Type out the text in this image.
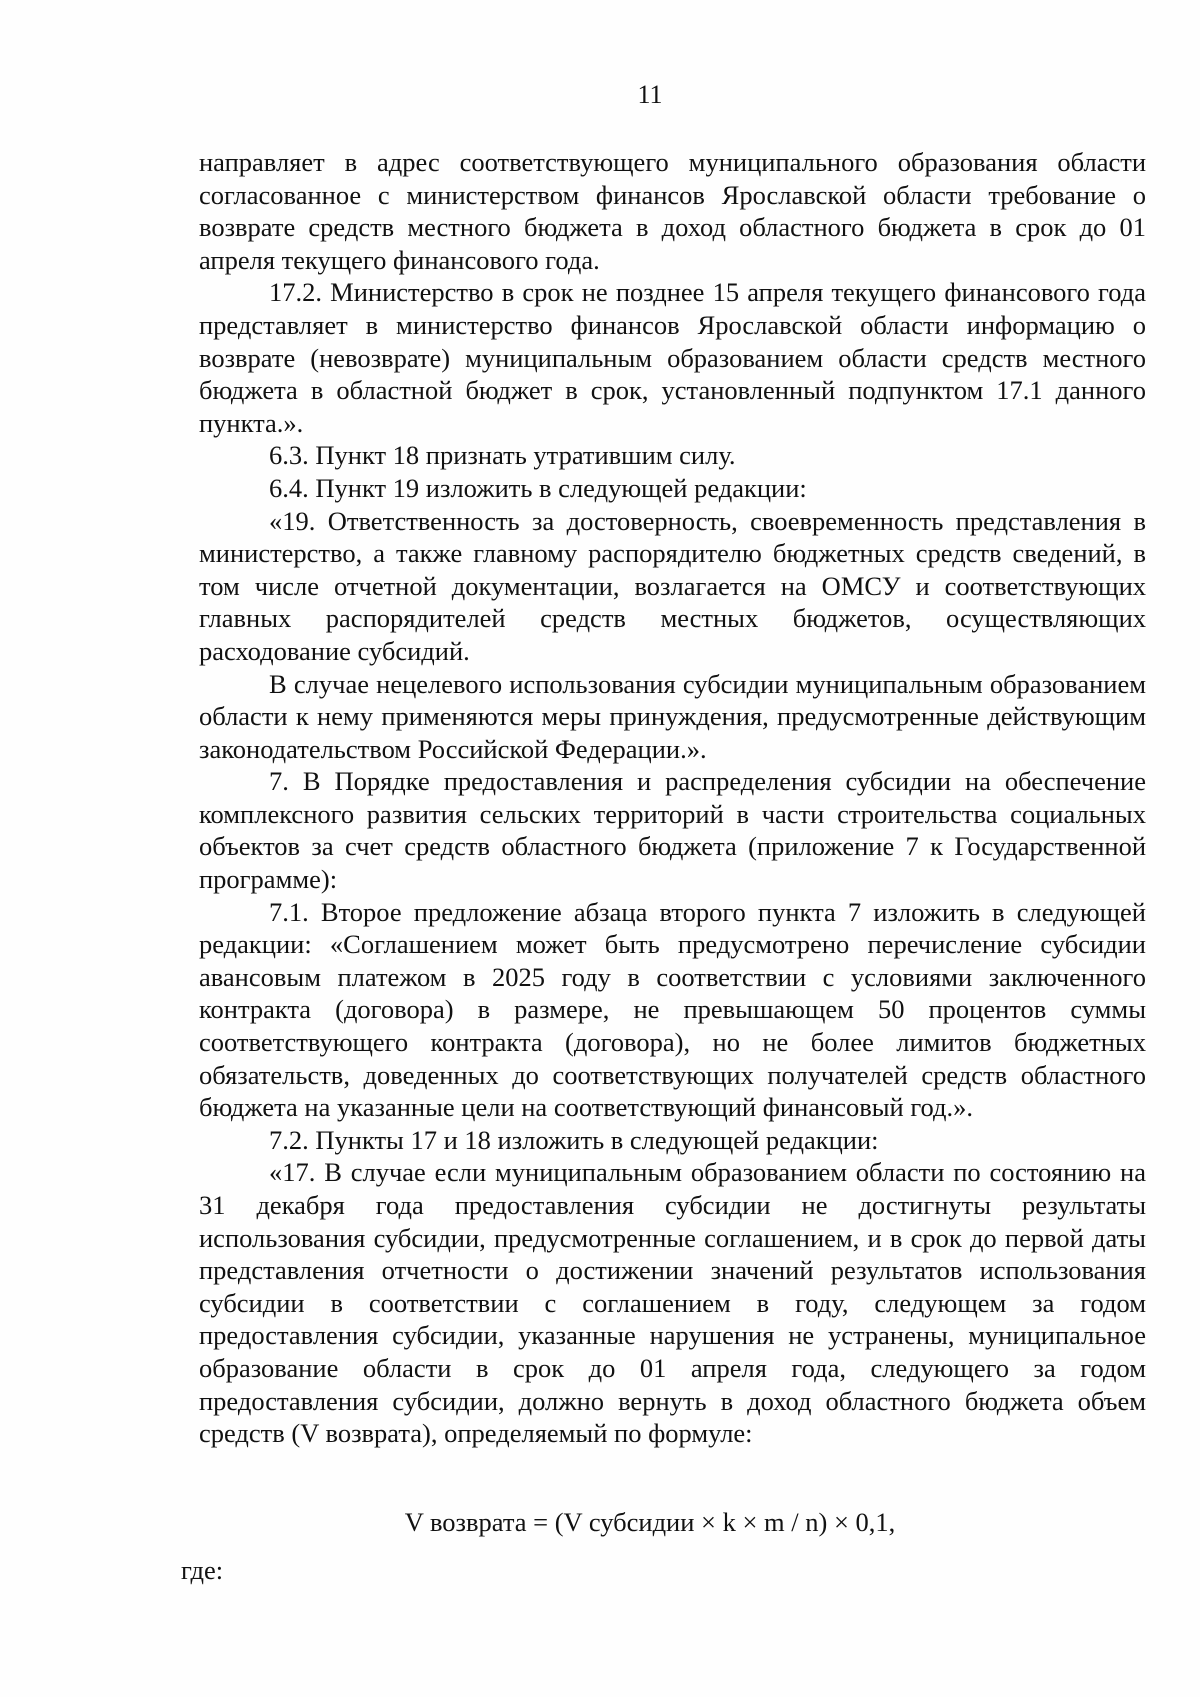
11

направляет в адрес соответствующего муниципального образования области согласованное с министерством финансов Ярославской области требование о возврате средств местного бюджета в доход областного бюджета в срок до 01 апреля текущего финансового года.

17.2. Министерство в срок не позднее 15 апреля текущего финансового года представляет в министерство финансов Ярославской области информацию о возврате (невозврате) муниципальным образованием области средств местного бюджета в областной бюджет в срок, установленный подпунктом 17.1 данного пункта.».

6.3. Пункт 18 признать утратившим силу.

6.4. Пункт 19 изложить в следующей редакции:

«19. Ответственность за достоверность, своевременность представления в министерство, а также главному распорядителю бюджетных средств сведений, в том числе отчетной документации, возлагается на ОМСУ и соответствующих главных распорядителей средств местных бюджетов, осуществляющих расходование субсидий.

В случае нецелевого использования субсидии муниципальным образованием области к нему применяются меры принуждения, предусмотренные действующим законодательством Российской Федерации.».

7. В Порядке предоставления и распределения субсидии на обеспечение комплексного развития сельских территорий в части строительства социальных объектов за счет средств областного бюджета (приложение 7 к Государственной программе):

7.1. Второе предложение абзаца второго пункта 7 изложить в следующей редакции: «Соглашением может быть предусмотрено перечисление субсидии авансовым платежом в 2025 году в соответствии с условиями заключенного контракта (договора) в размере, не превышающем 50 процентов суммы соответствующего контракта (договора), но не более лимитов бюджетных обязательств, доведенных до соответствующих получателей средств областного бюджета на указанные цели на соответствующий финансовый год.».

7.2. Пункты 17 и 18 изложить в следующей редакции:

«17. В случае если муниципальным образованием области по состоянию на 31 декабря года предоставления субсидии не достигнуты результаты использования субсидии, предусмотренные соглашением, и в срок до первой даты представления отчетности о достижении значений результатов использования субсидии в соответствии с соглашением в году, следующем за годом предоставления субсидии, указанные нарушения не устранены, муниципальное образование области в срок до 01 апреля года, следующего за годом предоставления субсидии, должно вернуть в доход областного бюджета объем средств (V возврата), определяемый по формуле:

V возврата = (V субсидии × k × m / n) × 0,1,
где:
